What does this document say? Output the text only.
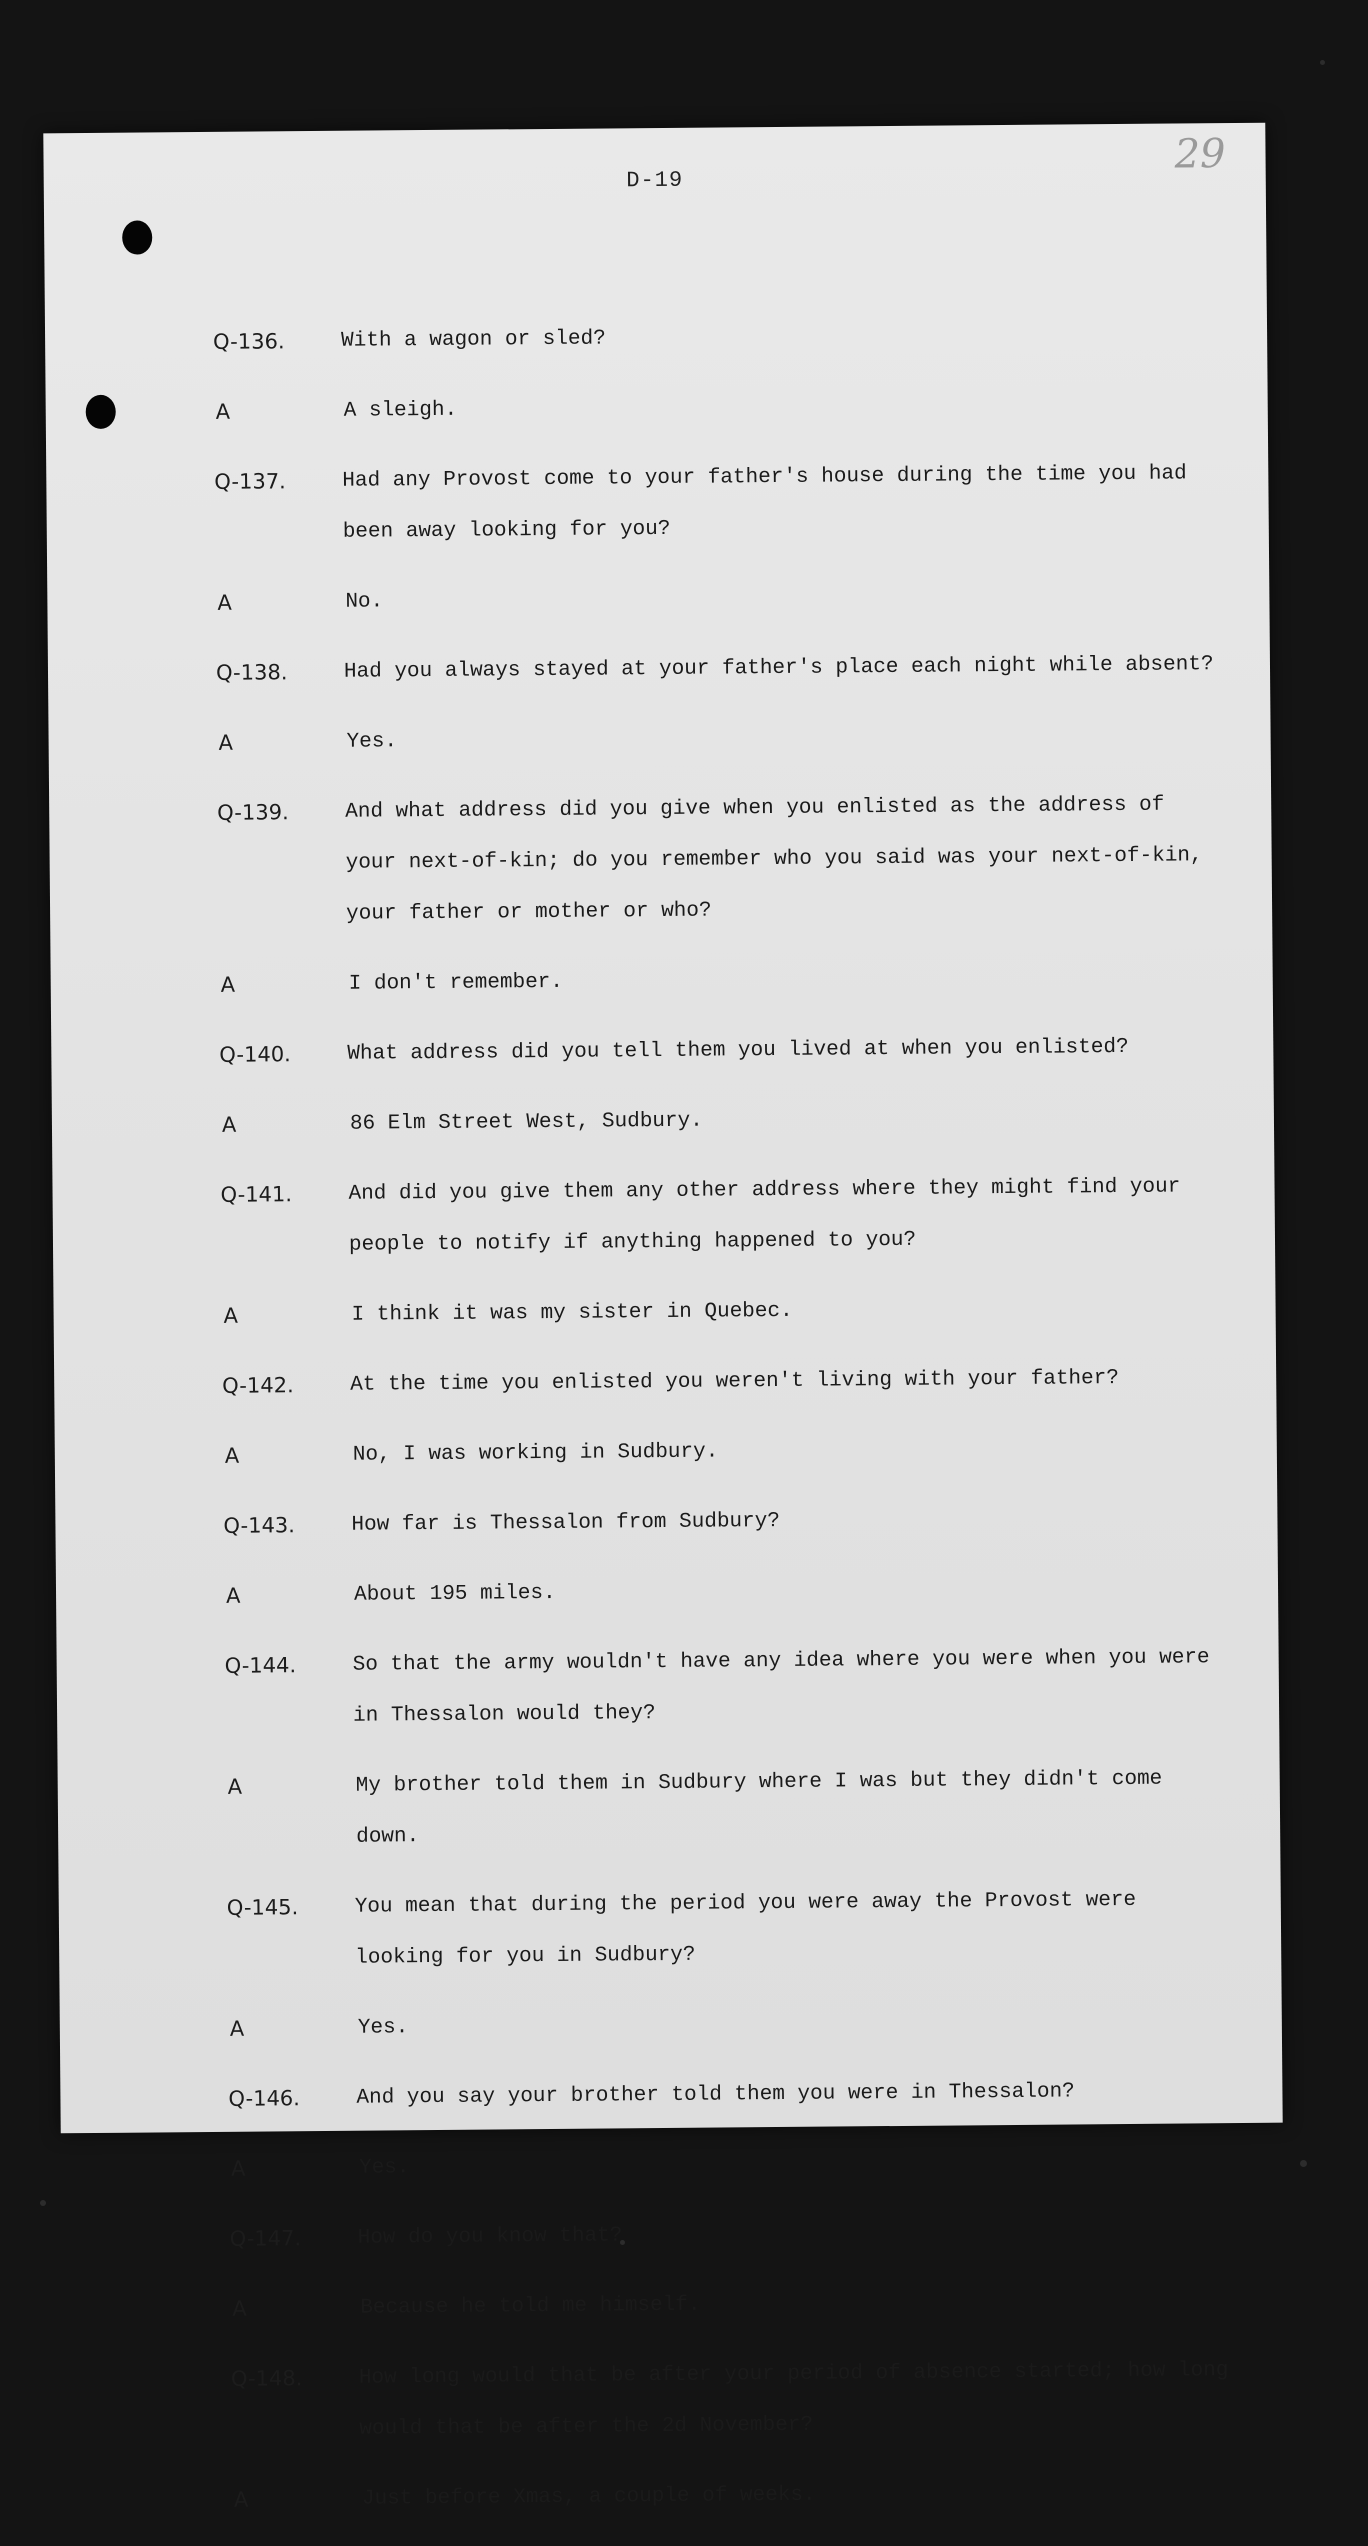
D-19
29
Q-136.	With a wagon or sled?
A	A sleigh.
Q-137.	Had any Provost come to your father's house during the time you had been away looking for you?
A	No.
Q-138.	Had you always stayed at your father's place each night while absent?
A	Yes.
Q-139.	And what address did you give when you enlisted as the address of your next-of-kin; do you remember who you said was your next-of-kin, your father or mother or who?
A	I don't remember.
Q-140.	What address did you tell them you lived at when you enlisted?
A	86 Elm Street West, Sudbury.
Q-141.	And did you give them any other address where they might find your people to notify if anything happened to you?
A	I think it was my sister in Quebec.
Q-142.	At the time you enlisted you weren't living with your father?
A	No, I was working in Sudbury.
Q-143.	How far is Thessalon from Sudbury?
A	About 195 miles.
Q-144.	So that the army wouldn't have any idea where you were when you were in Thessalon would they?
A	My brother told them in Sudbury where I was but they didn't come down.
Q-145.	You mean that during the period you were away the Provost were looking for you in Sudbury?
A	Yes.
Q-146.	And you say your brother told them you were in Thessalon?
A	Yes.
Q-147.	How do you know that?
A	Because he told me himself.
Q-148.	How long would that be after your period of absence started; how long would that be after the 2d November?
A	Just before Xmas, a couple of weeks.
